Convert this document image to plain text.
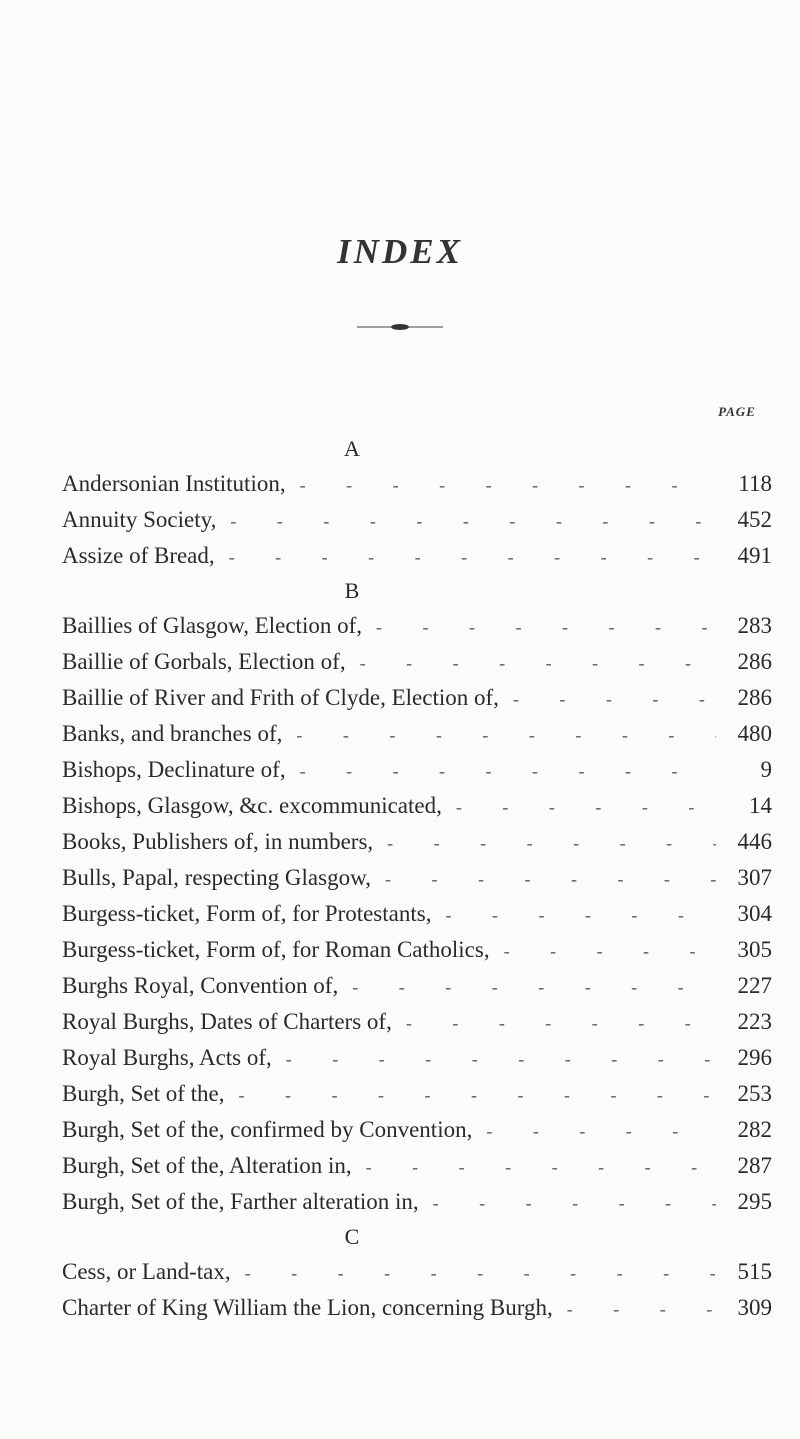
INDEX
PAGE
A
Andersonian Institution, - - -	118
Annuity Society, - - -	452
Assize of Bread, - - -	491
B
Baillies of Glasgow, Election of, - - -	283
Baillie of Gorbals, Election of, - - -	286
Baillie of River and Frith of Clyde, Election of, - - -	286
Banks, and branches of, - - -	480
Bishops, Declinature of, - - -	9
Bishops, Glasgow, &c. excommunicated, - - -	14
Books, Publishers of, in numbers, - - -	446
Bulls, Papal, respecting Glasgow, - - -	307
Burgess-ticket, Form of, for Protestants, - - -	304
Burgess-ticket, Form of, for Roman Catholics, - - -	305
Burghs Royal, Convention of, - - -	227
Royal Burghs, Dates of Charters of, - - -	223
Royal Burghs, Acts of, - - -	296
Burgh, Set of the, - - -	253
Burgh, Set of the, confirmed by Convention, - - -	282
Burgh, Set of the, Alteration in, - - -	287
Burgh, Set of the, Farther alteration in, - - -	295
C
Cess, or Land-tax, - - -	515
Charter of King William the Lion, concerning Burgh, - - -	309
